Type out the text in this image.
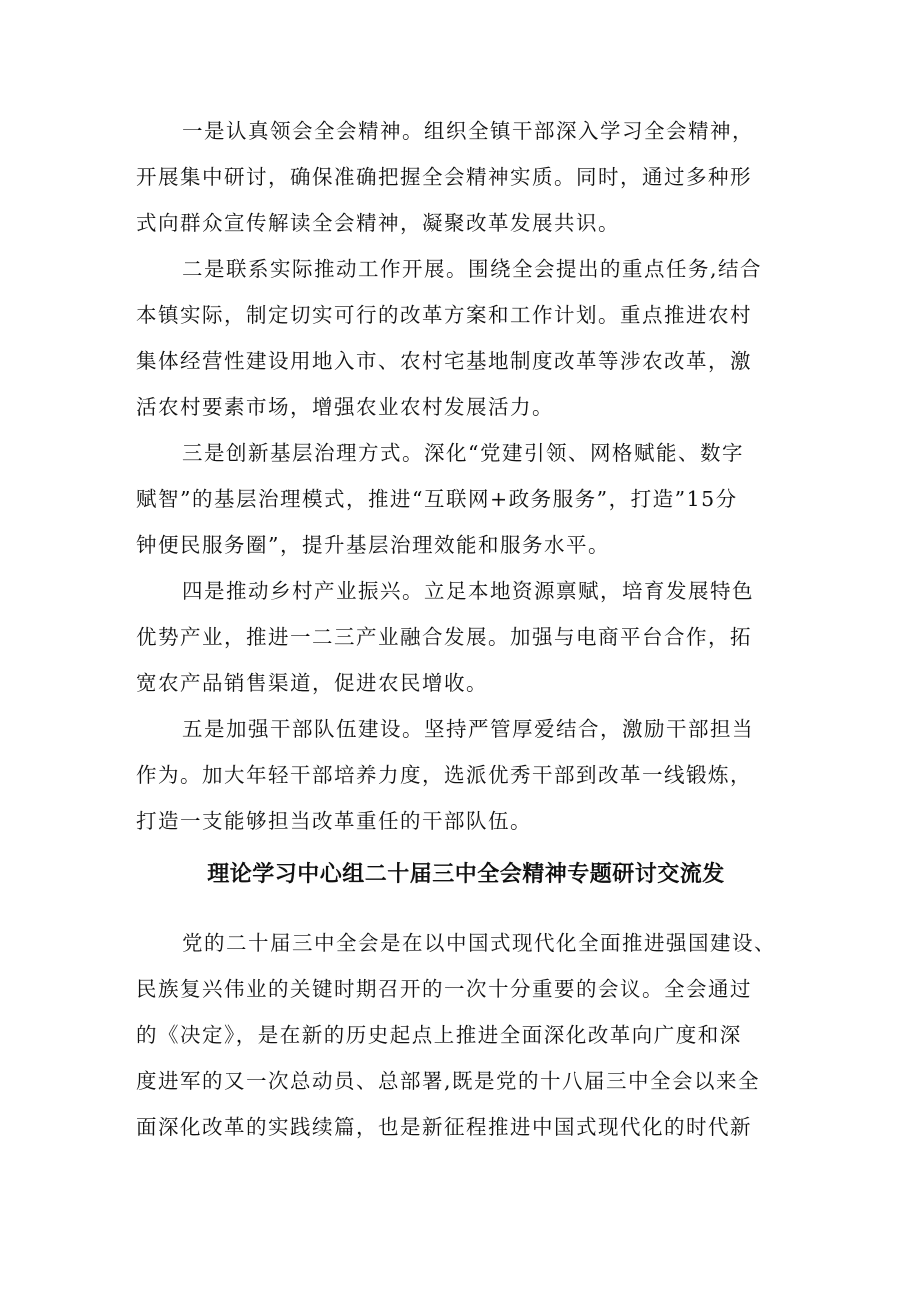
一是认真领会全会精神。组织全镇干部深入学习全会精神，
开展集中研讨，确保准确把握全会精神实质。同时，通过多种形
式向群众宣传解读全会精神，凝聚改革发展共识。
二是联系实际推动工作开展。围绕全会提出的重点任务,结合
本镇实际，制定切实可行的改革方案和工作计划。重点推进农村
集体经营性建设用地入市、农村宅基地制度改革等涉农改革，激
活农村要素市场，增强农业农村发展活力。
三是创新基层治理方式。深化“党建引领、网格赋能、数字
赋智”的基层治理模式，推进“互联网+政务服务”，打造”15分
钟便民服务圈”，提升基层治理效能和服务水平。
四是推动乡村产业振兴。立足本地资源禀赋，培育发展特色
优势产业，推进一二三产业融合发展。加强与电商平台合作，拓
宽农产品销售渠道，促进农民增收。
五是加强干部队伍建设。坚持严管厚爱结合，激励干部担当
作为。加大年轻干部培养力度，选派优秀干部到改革一线锻炼，
打造一支能够担当改革重任的干部队伍。
理论学习中心组二十届三中全会精神专题研讨交流发
党的二十届三中全会是在以中国式现代化全面推进强国建设、
民族复兴伟业的关键时期召开的一次十分重要的会议。全会通过
的《决定》，是在新的历史起点上推进全面深化改革向广度和深
度进军的又一次总动员、总部署,既是党的十八届三中全会以来全
面深化改革的实践续篇，也是新征程推进中国式现代化的时代新
